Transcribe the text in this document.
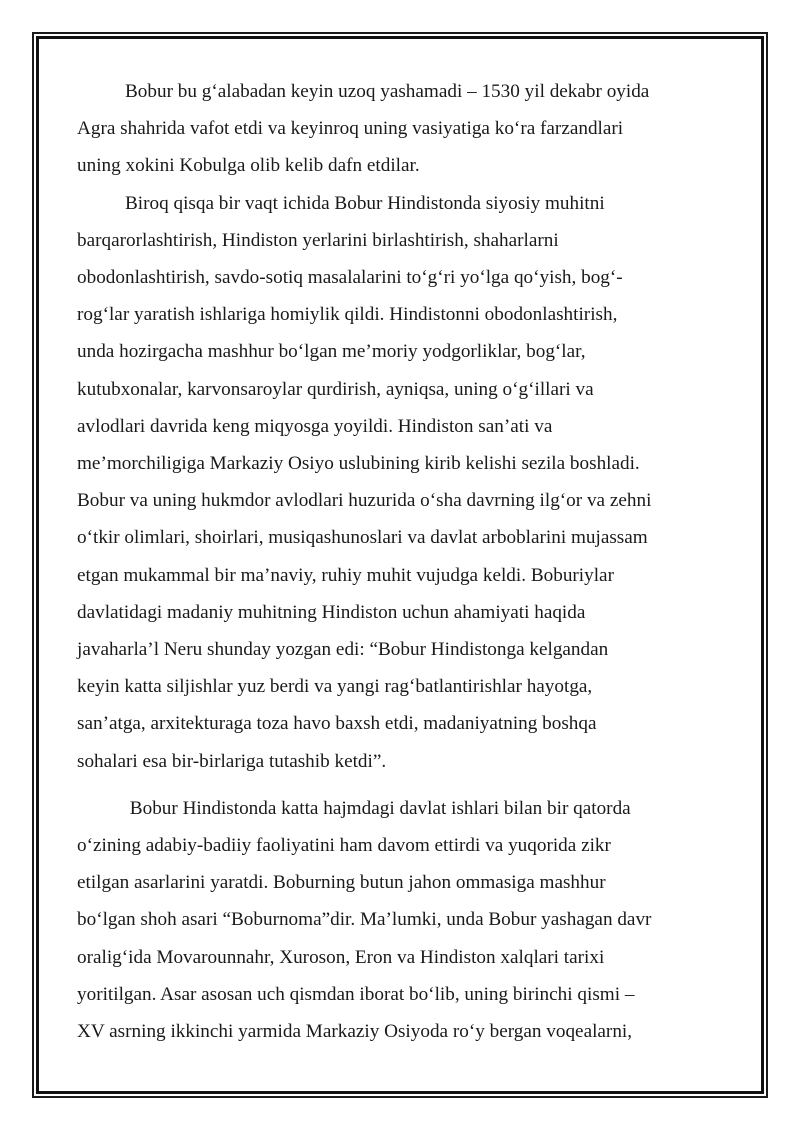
Bobur bu g‘alabadan keyin uzoq yashamadi – 1530 yil dekabr oyida
Agra shahrida vafot etdi va keyinroq uning vasiyatiga ko‘ra farzandlari
uning xokini Kobulga olib kelib dafn etdilar.
Biroq qisqa bir vaqt ichida Bobur Hindistonda siyosiy muhitni
barqarorlashtirish, Hindiston yerlarini birlashtirish, shaharlarni
obodonlashtirish, savdo-sotiq masalalarini to‘g‘ri yo‘lga qo‘yish, bog‘-
rog‘lar yaratish ishlariga homiylik qildi. Hindistonni obodonlashtirish,
unda hozirgacha mashhur bo‘lgan me’moriy yodgorliklar, bog‘lar,
kutubxonalar, karvonsaroylar qurdirish, ayniqsa, uning o‘g‘illari va
avlodlari davrida keng miqyosga yoyildi. Hindiston san’ati va
me’morchiligiga Markaziy Osiyo uslubining kirib kelishi sezila boshladi.
Bobur va uning hukmdor avlodlari huzurida o‘sha davrning ilg‘or va zehni
o‘tkir olimlari, shoirlari, musiqashunoslari va davlat arboblarini mujassam
etgan mukammal bir ma’naviy, ruhiy muhit vujudga keldi. Boburiylar
davlatidagi madaniy muhitning Hindiston uchun ahamiyati haqida
javaharla’l Neru shunday yozgan edi: “Bobur Hindistonga kelgandan
keyin katta siljishlar yuz berdi va yangi rag‘batlantirishlar hayotga,
san’atga, arxitekturaga toza havo baxsh etdi, madaniyatning boshqa
sohalari esa bir-birlariga tutashib ketdi”.
Bobur Hindistonda katta hajmdagi davlat ishlari bilan bir qatorda
o‘zining adabiy-badiiy faoliyatini ham davom ettirdi va yuqorida zikr
etilgan asarlarini yaratdi. Boburning butun jahon ommasiga mashhur
bo‘lgan shoh asari “Boburnoma”dir. Ma’lumki, unda Bobur yashagan davr
oralig‘ida Movarounnahr, Xuroson, Eron va Hindiston xalqlari tarixi
yoritilgan. Asar asosan uch qismdan iborat bo‘lib, uning birinchi qismi –
XV asrning ikkinchi yarmida Markaziy Osiyoda ro‘y bergan voqealarni,
